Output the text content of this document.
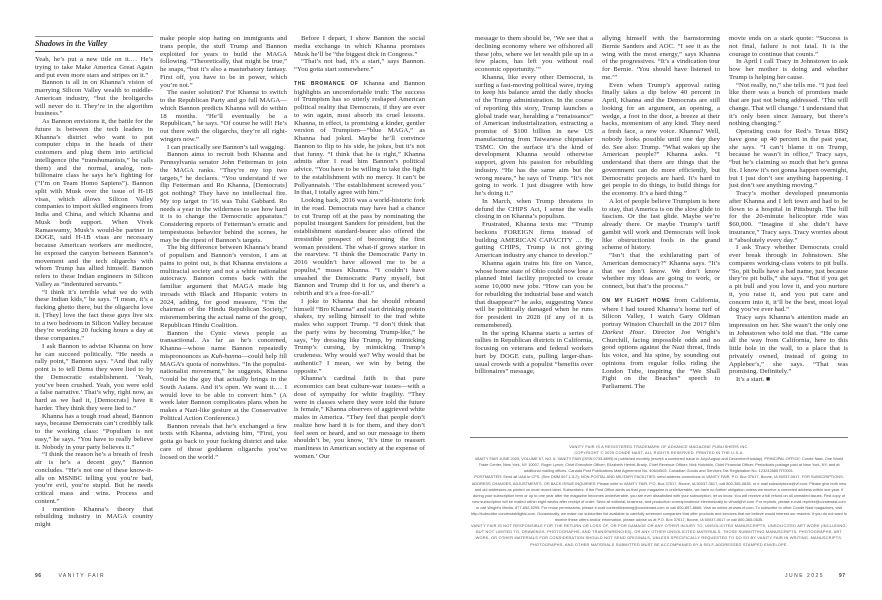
Shadows in the Valley

Yeah, he’s put a new title on it.… He’s trying to take Make America Great Again and put even more stars and stripes on it.”

Bannon is all in on Khanna’s vision of marrying Silicon Valley wealth to middle-American industry, “but the broligarchs will never do it. They’re in the algorithm business.”

As Bannon envisions it, the battle for the future is between the tech leaders in Khanna’s district who want to put computer chips in the heads of their customers and plug them into artificial intelligence (the “transhumanists,” he calls them) and the normal, analog, non-billionaire class he says he’s fighting for (“I’m on Team Homo Sapiens”). Bannon split with Musk over the issue of H-1B visas, which allows Silicon Valley companies to import skilled engineers from India and China, and which Khanna and Musk both support. When Vivek Ramaswamy, Musk’s would-be partner in DOGE, said H-1B visas are necessary because American workers are mediocre, he exposed the canyon between Bannon’s movement and the tech oligarchs with whom Trump has allied himself. Bannon refers to these Indian engineers in Silicon Valley as “indentured servants.”

“I think it’s terrible what we do with these Indian kids,” he says. “I mean, it’s a fucking ghetto there, but the oligarchs love it. [They] love the fact these guys live six to a two bedroom in Silicon Valley because they’re working 20 fucking hours a day at these companies.”

I ask Bannon to advise Khanna on how he can succeed politically. “He needs a rally point,” Bannon says. “And that rally point is to tell Dems they were lied to by the Democratic establishment. ‘Yeah, you’ve been crushed. Yeah, you were sold a false narrative.’ That’s why, right now, as hard as we had it, [Democrats] have it harder. They think they were lied to.”

Khanna has a tough road ahead, Bannon says, because Democrats can’t credibly talk to the working class: “Populism is not easy,” he says. “You have to really believe it. Nobody in your party believes it.”

“I think the reason he’s a breath of fresh air is he’s a decent guy,” Bannon concludes. “He’s not one of these know-it-alls on MSNBC telling you you’re bad, you’re evil, you’re stupid. But he needs critical mass and wins. Process and content.”

I mention Khanna’s theory that rebuilding industry in MAGA country might

make people stop hating on immigrants and trans people, the stuff Trump and Bannon exploited for years to build the MAGA following. “Theoretically, that might be true,” he snaps, “but it’s also a masturbatory fantasy. First off, you have to be in power, which you’re not.”

The easier solution? For Khanna to switch to the Republican Party and go full MAGA—which Bannon predicts Khanna will do within 18 months. “He’ll eventually be a Republican,” he says. “Of course he will! He’s out there with the oligarchs, they’re all right-wingers now.”

I can practically see Bannon’s tail wagging.

Bannon aims to recruit both Khanna and Pennsylvania senator John Fetterman to join the MAGA ranks. “They’re my top two targets,” he declares. “You understand if we flip Fetterman and Ro Khanna, [Democrats] got nothing? They have no intellectual fire. My top target in ’16 was Tulsi Gabbard. Ro needs a year in the wilderness to see how hard it is to change the Democratic apparatus.” Considering reports of Fetterman’s erratic and tempestuous behavior behind the scenes, he may be the ripest of Bannon’s targets.

The big difference between Khanna’s brand of populism and Bannon’s version, I am at pains to point out, is that Khanna envisions a multiracial society and not a white nationalist autocracy. Bannon comes back with the familiar argument that MAGA made big inroads with Black and Hispanic voters in 2024, adding, for good measure, “I’m the chairman of the Hindu Republican Society,” misremembering the actual name of the group, Republican Hindu Coalition.

Bannon the Cynic views people as transactional. As far as he’s concerned, Khanna—whose name Bannon repeatedly mispronounces as Kuh-hanna—could help fill MAGA’s quota of nonwhites. “In the populist-nationalist movement,” he suggests, Khanna “could be the guy that actually brings in the South Asians. And it’s open. We want it.… I would love to be able to convert him.” (A week later Bannon complicates plans when he makes a Nazi-like gesture at the Conservative Political Action Conference.)

Bannon reveals that he’s exchanged a few texts with Khanna, advising him, “First, you gotta go back to your fucking district and take care of those goddamn oligarchs you’ve loosed on the world.”

Before I depart, I show Bannon the social media exchange in which Khanna promises Musk he’ll be “the biggest dick in Congress.”

“That’s not bad, it’s a start,” says Bannon. “You gotta start somewhere.”

THE BROMANCE OF Khanna and Bannon highlights an uncomfortable truth: The success of Trumpism has so utterly reshaped American political reality that Democrats, if they are ever to win again, must absorb its cruel lessons. Khanna, in effect, is promising a kinder, gentler version of Trumpism—“blue MAGA,” as Khanna had joked. Maybe he’ll convince Bannon to flip to his side, he jokes, but it’s not that funny. “I think that he is right,” Khanna admits after I read him Bannon’s political advice. “You have to be willing to take the fight to the establishment with no mercy. It can’t be Pollyannaish. ‘The establishment screwed you.’ In that, I totally agree with him.”

Looking back, 2016 was a world-historic fork in the road. Democrats may have had a chance to cut Trump off at the pass by nominating the populist insurgent Sanders for president, but the establishment standard-bearer also offered the irresistible prospect of becoming the first woman president. The what-if grows starker in the rearview. “I think the Democratic Party in 2016 wouldn’t have allowed me to be a populist,” muses Khanna. “I couldn’t have smashed the Democratic Party myself, but Bannon and Trump did it for us, and there’s a rebirth and it’s a free-for-all.”

I joke to Khanna that he should rebrand himself “Bro Khanna” and start drinking protein shakes, try selling himself to the trad white males who support Trump. “I don’t think that the party wins by becoming Trump-like,” he says, “by dressing like Trump, by mimicking Trump’s cursing, by mimicking Trump’s crudeness. Why would we? Why would that be authentic? I mean, we win by being the opposite.”

Khanna’s cardinal faith is that pure economics can beat culture-war issues—with a dose of sympathy for white fragility. “They were in classes where they were told the future is female,” Khanna observes of aggrieved white males in America. “They feel that people don’t realize how hard it is for them, and they don’t feel seen or heard, and so our message to them shouldn’t be, you know, ‘It’s time to reassert manliness in American society at the expense of women.’ Our

message to them should be, ‘We see that a declining economy where we offshored all these jobs, where we let wealth pile up in a few places, has left you without real economic opportunity.’”

Khanna, like every other Democrat, is surfing a fast-moving political wave, trying to keep his balance amid the daily shocks of the Trump administration. In the course of reporting this story, Trump launches a global trade war, heralding a “renaissance” of American industrialization, extracting a promise of $100 billion in new US manufacturing from Taiwanese chipmaker TSMC. On the surface it’s the kind of development Khanna would otherwise support, given his passion for rebuilding industry. “He has the same aim but the wrong means,” he says of Trump. “It’s not going to work. I just disagree with how he’s doing it.”

In March, when Trump threatens to defund the CHIPS Act, I sense the walls closing in on Khanna’s populism.

Frustrated, Khanna texts me: “Trump beckons FOREIGN firms instead of building AMERICAN CAPACITY … By gutting CHIPS, Trump is not giving American industry any chance to develop.”

Khanna again trains his fire on Vance, whose home state of Ohio could now lose a planned Intel facility projected to create some 10,000 new jobs. “How can you be for rebuilding the industrial base and watch that disappear?” he asks, suggesting Vance will be politically damaged when he runs for president in 2028 (if any of it is remembered).

In the spring Khanna starts a series of rallies in Republican districts in California, focusing on veterans and federal workers hurt by DOGE cuts, pulling larger-than-usual crowds with a populist “benefits over billionaires” message,

allying himself with the barnstorming Bernie Sanders and AOC. “I see it as the wing with the most energy,” says Khanna of the progressives. “It’s a vindication tour for Bernie. ‘You should have listened to me.’”

Even when Trump’s approval rating finally takes a dip below 40 percent in April, Khanna and the Democrats are still looking for an argument, an opening, a wedge, a foot in the door, a breeze at their backs, momentum of any kind. They need a fresh face, a new voice. Khanna? Well, nobody looks possible until one day they do. See also: Trump. “What wakes up the American people?” Khanna asks. “I understand that there are things that the government can do more efficiently, but Democratic projects are hard. It’s hard to get people to do things, to build things for the economy. It’s a hard thing.”

A lot of people believe Trumpism is here to stay, that America is on the slow glide to fascism. Or the fast glide. Maybe we’re already there. Or maybe Trump’s tariff gambit will work and Democrats will look like obstructionist fools in the grand scheme of history.

“Isn’t that the exhilarating part of American democracy?” Khanna says. “It’s that we don’t know. We don’t know whether my ideas are going to work, or connect, but that’s the process.”

ON MY FLIGHT HOME from California, where I had toured Khanna’s home turf of Silicon Valley, I watch Gary Oldman portray Winston Churchill in the 2017 film Darkest Hour. Director Joe Wright’s Churchill, facing impossible odds and no good options against the Nazi threat, finds his voice, and his spine, by sounding out opinions from regular folks riding the London Tube, inspiring the “We Shall Fight on the Beaches” speech to Parliament. The

movie ends on a stark quote: “Success is not final, failure is not fatal. It is the courage to continue that counts.”

In April I call Tracy in Johnstown to ask how her mother is doing and whether Trump is helping her cause.

“Not really, no,” she tells me. “I just feel like there was a bunch of promises made that are just not being addressed. ‘This will change. That will change.’ I understand that it’s only been since January, but there’s nothing changing.”

Operating costs for Red’s Texas BBQ have gone up 40 percent in the past year, she says. “I can’t blame it on Trump, because he wasn’t in office,” Tracy says, “but he’s claiming so much that he’s gonna fix. I know it’s not gonna happen overnight, but I just don’t see anything happening. I just don’t see anything moving.”

Tracy’s mother developed pneumonia after Khanna and I left town and had to be flown to a hospital in Pittsburgh. The bill for the 20-minute helicopter ride was $60,000. “Imagine if she didn’t have insurance,” Tracy says. Tracy worries about it “absolutely every day.”

I ask Tracy whether Democrats could ever break through in Johnstown. She compares working-class voters to pit bulls. “So, pit bulls have a bad name, just because they’re pit bulls,” she says. “But if you get a pit bull and you love it, and you nurture it, you raise it, and you put care and concern into it, it’ll be the best, most loyal dog you’ve ever had.”

Tracy says Khanna’s attention made an impression on her. She wasn’t the only one in Johnstown who told me that. “He came all the way from California, here to this little hole in the wall, to a place that is privately owned, instead of going to Applebee’s,” she says. “That was promising. Definitely.”

It’s a start. ■

VANITY FAIR IS A REGISTERED TRADEMARK OF ADVANCE MAGAZINE PUBLISHERS INC.

COPYRIGHT © 2025 CONDÉ NAST. ALL RIGHTS RESERVED. PRINTED IN THE U.S.A.

VANITY FAIR JUNE 2025, VOLUME 67, NO. 6. VANITY FAIR (ISSN 0733-8899) is published monthly (except a combined issue in July/August and December/Holiday). PRINCIPAL OFFICE: Condé Nast, One World Trade Center, New York, NY 10007. Roger Lynch, Chief Executive Officer; Elizabeth Herbst-Brady, Chief Revenue Officer; Nick Hotchkin, Chief Financial Officer. Periodicals postage paid at New York, NY, and at additional mailing offices. Canada Post Publications Mail Agreement No. 40644503. Canadian Goods and Services Tax Registration No. 123242885 RT0001.

POSTMASTER: Send all UAA to CFS. (See DMM 507.1.5.2); NON-POSTAL AND MILITARY FACILITIES: send address corrections to VANITY FAIR, P.O. Box 37617, Boone, IA 50037-0617. FOR SUBSCRIPTIONS, ADDRESS CHANGES, ADJUSTMENTS, OR BACK ISSUE INQUIRIES: Please write to VANITY FAIR, P.O. Box 37617, Boone, IA 50037-0617, call 800-365-0635, or e-mail subscriptions@vf.com. Please give both new and old addresses as printed on most recent label. Subscribers: If the Post Office alerts us that your magazine is undeliverable, we have no further obligation unless we receive a corrected address within one year. If during your subscription term or up to one year after the magazine becomes undeliverable, you are ever dissatisfied with your subscription, let us know. You will receive a full refund on all unmailed issues. First copy of new subscription will be mailed within eight weeks after receipt of order. Send all editorial, business, and production correspondence electronically to vfmail@vf.com. For reprints, please e-mail reprints@condenast.com or call Wright's Media, 877-652-5295. For reuse permissions, please e-mail contentlicensing@condenast.com or call 800-897-8666. Visit us online at www.vf.com. To subscribe to other Condé Nast magazines, visit http://subscribe.condenastdigital.com. Occasionally, we make our subscriber list available to carefully screened companies that offer products and services that we believe would interest our readers. If you do not want to receive these offers and/or information, please advise us at P.O. Box 37617, Boone, IA 50037-0617 or call 800-365-0635.

VANITY FAIR IS NOT RESPONSIBLE FOR THE RETURN OR LOSS OF, OR FOR DAMAGE OR ANY OTHER INJURY TO, UNSOLICITED MANUSCRIPTS, UNSOLICITED ART WORK (INCLUDING, BUT NOT LIMITED TO, DRAWINGS, PHOTOGRAPHS, AND TRANSPARENCIES), OR ANY OTHER UNSOLICITED MATERIALS. THOSE SUBMITTING MANUSCRIPTS, PHOTOGRAPHS, ART WORK, OR OTHER MATERIALS FOR CONSIDERATION SHOULD NOT SEND ORIGINALS, UNLESS SPECIFICALLY REQUESTED TO DO SO BY VANITY FAIR IN WRITING. MANUSCRIPTS, PHOTOGRAPHS, AND OTHER MATERIALS SUBMITTED MUST BE ACCOMPANIED BY A SELF-ADDRESSED STAMPED ENVELOPE.

96	VANITY FAIR	JUNE 2025	97
